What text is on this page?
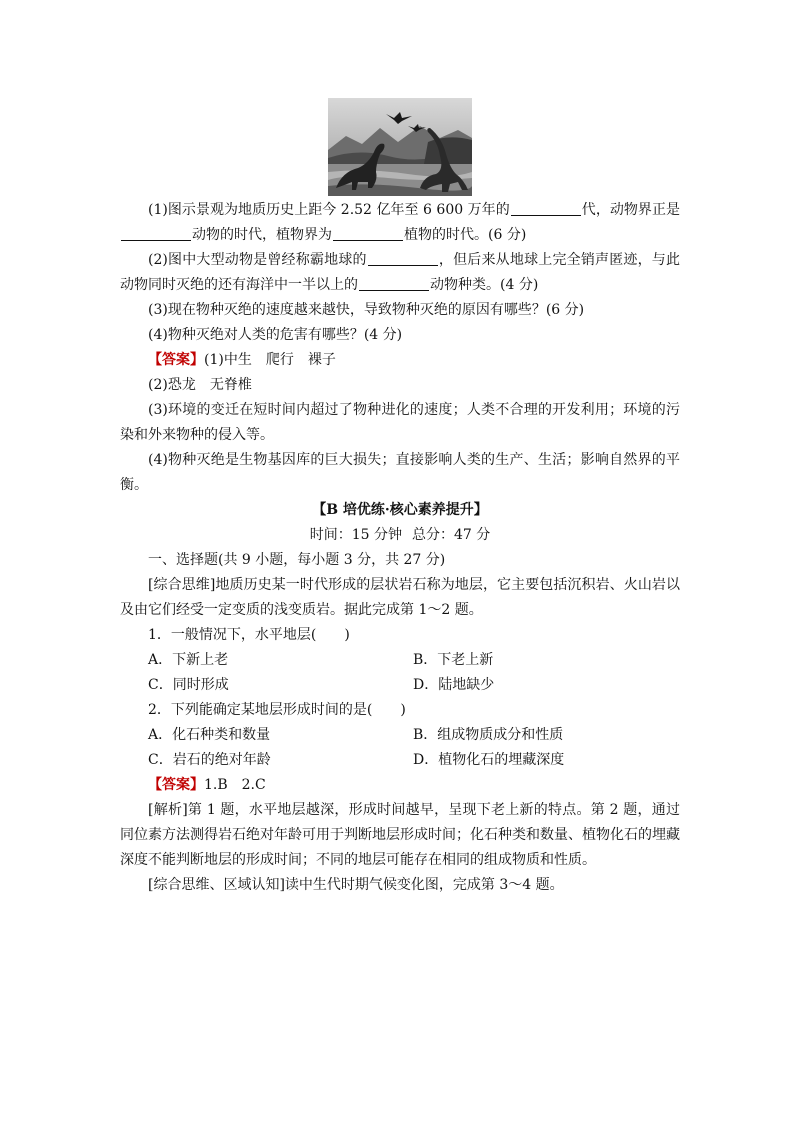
(1)图示景观为地质历史上距今 2.52 亿年至 6 600 万年的	代，动物界正是动物的时代，植物界为	植物的时代。(6 分)

(2)图中大型动物是曾经称霸地球的	，但后来从地球上完全销声匿迹，与此动物同时灭绝的还有海洋中一半以上的	动物种类。(4 分)

(3)现在物种灭绝的速度越来越快，导致物种灭绝的原因有哪些？(6 分)

(4)物种灭绝对人类的危害有哪些？(4 分)

【答案】(1)中生　爬行　裸子

(2)恐龙　无脊椎

(3)环境的变迁在短时间内超过了物种进化的速度；人类不合理的开发利用；环境的污染和外来物种的侵入等。

(4)物种灭绝是生物基因库的巨大损失；直接影响人类的生产、生活；影响自然界的平衡。

【B 培优练·核心素养提升】

时间：15 分钟 总分：47 分

一、选择题(共 9 小题，每小题 3 分，共 27 分)

[综合思维]地质历史某一时代形成的层状岩石称为地层，它主要包括沉积岩、火山岩以及由它们经受一定变质的浅变质岩。据此完成第 1～2 题。

1．一般情况下，水平地层(　　)

A．下新上老	B．下老上新
C．同时形成	D．陆地缺少

2．下列能确定某地层形成时间的是(　　)

A．化石种类和数量	B．组成物质成分和性质
C．岩石的绝对年龄	D．植物化石的埋藏深度

【答案】1.B　2.C

[解析]第 1 题，水平地层越深，形成时间越早，呈现下老上新的特点。第 2 题，通过同位素方法测得岩石绝对年龄可用于判断地层形成时间；化石种类和数量、植物化石的埋藏深度不能判断地层的形成时间；不同的地层可能存在相同的组成物质和性质。

[综合思维、区域认知]读中生代时期气候变化图，完成第 3～4 题。
